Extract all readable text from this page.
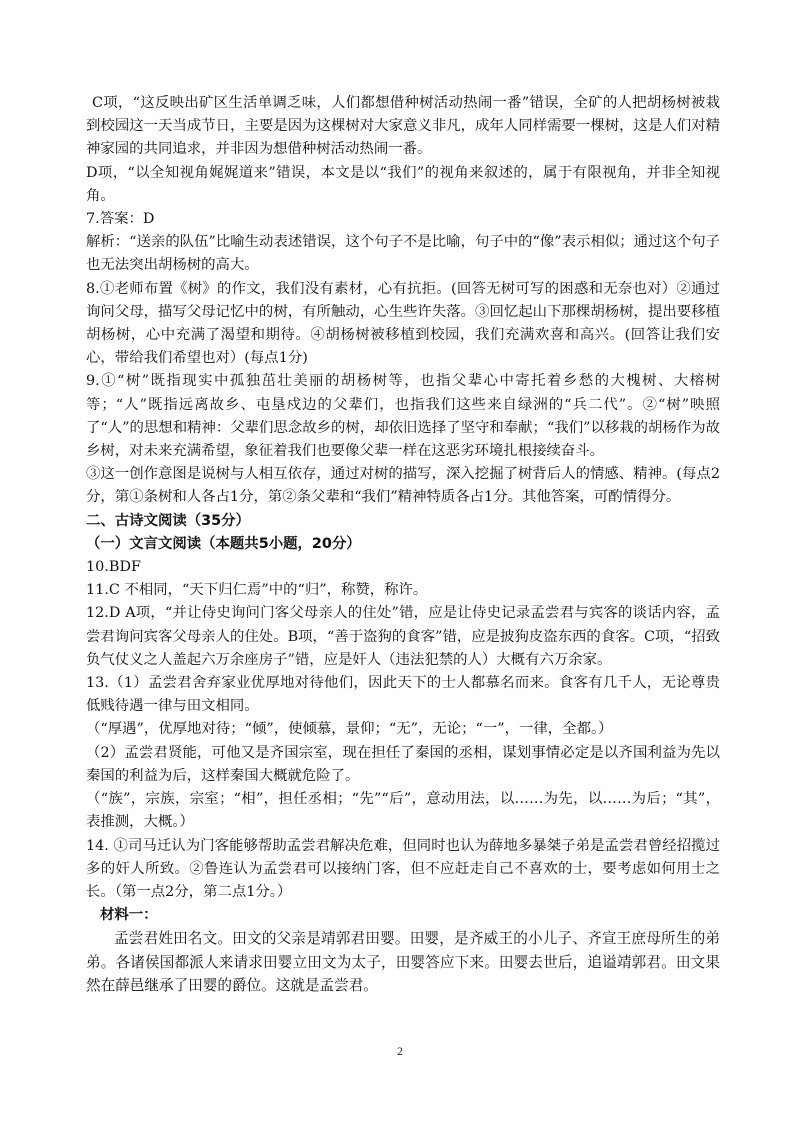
C项，“这反映出矿区生活单调乏味，人们都想借种树活动热闹一番”错误，全矿的人把胡杨树被栽到校园这一天当成节日，主要是因为这棵树对大家意义非凡，成年人同样需要一棵树，这是人们对精神家园的共同追求，并非因为想借种树活动热闹一番。

D项，“以全知视角娓娓道来”错误，本文是以“我们”的视角来叙述的，属于有限视角，并非全知视角。

7.答案：D

解析：“送亲的队伍”比喻生动表述错误，这个句子不是比喻，句子中的“像”表示相似；通过这个句子也无法突出胡杨树的高大。

8.①老师布置《树》的作文，我们没有素材，心有抗拒。(回答无树可写的困惑和无奈也对）②通过询问父母，描写父母记忆中的树，有所触动，心生些许失落。③回忆起山下那棵胡杨树，提出要移植胡杨树，心中充满了渴望和期待。④胡杨树被移植到校园，我们充满欢喜和高兴。(回答让我们安心，带给我们希望也对）(每点1分)

9.①“树”既指现实中孤独茁壮美丽的胡杨树等，也指父辈心中寄托着乡愁的大槐树、大榕树等；“人”既指远离故乡、屯垦戍边的父辈们，也指我们这些来自绿洲的“兵二代”。②“树”映照了“人”的思想和精神：父辈们思念故乡的树，却依旧选择了坚守和奉献；“我们”以移栽的胡杨作为故乡树，对未来充满希望，象征着我们也要像父辈一样在这恶劣环境扎根接续奋斗。

③这一创作意图是说树与人相互依存，通过对树的描写，深入挖掘了树背后人的情感、精神。(每点2分，第①条树和人各占1分，第②条父辈和“我们”精神特质各占1分。其他答案，可酌情得分。

二、古诗文阅读（35分）

（一）文言文阅读（本题共5小题，20分）

10.BDF

11.C 不相同，“天下归仁焉”中的“归”，称赞，称许。

12.D A项，“并让侍史询问门客父母亲人的住处”错，应是让侍史记录孟尝君与宾客的谈话内容，孟尝君询问宾客父母亲人的住处。B项，“善于盗狗的食客”错，应是披狗皮盗东西的食客。C项，“招致负气仗义之人盖起六万余座房子”错，应是奸人（违法犯禁的人）大概有六万余家。

13.（1）孟尝君舍弃家业优厚地对待他们，因此天下的士人都慕名而来。食客有几千人，无论尊贵低贱待遇一律与田文相同。

（“厚遇”，优厚地对待；“倾”，使倾慕，景仰；“无”，无论；“一”，一律，全都。）

（2）孟尝君贤能，可他又是齐国宗室，现在担任了秦国的丞相，谋划事情必定是以齐国利益为先以秦国的利益为后，这样秦国大概就危险了。

（“族”，宗族，宗室；“相”，担任丞相；“先”“后”，意动用法，以……为先，以……为后；“其”，表推测，大概。）

14. ①司马迁认为门客能够帮助孟尝君解决危难，但同时也认为薛地多暴桀子弟是孟尝君曾经招揽过多的奸人所致。②鲁连认为孟尝君可以接纳门客，但不应赶走自己不喜欢的士，要考虑如何用士之长。（第一点2分，第二点1分。）

材料一：

孟尝君姓田名文。田文的父亲是靖郭君田婴。田婴，是齐威王的小儿子、齐宣王庶母所生的弟弟。各诸侯国都派人来请求田婴立田文为太子，田婴答应下来。田婴去世后，追谥靖郭君。田文果然在薛邑继承了田婴的爵位。这就是孟尝君。

2
